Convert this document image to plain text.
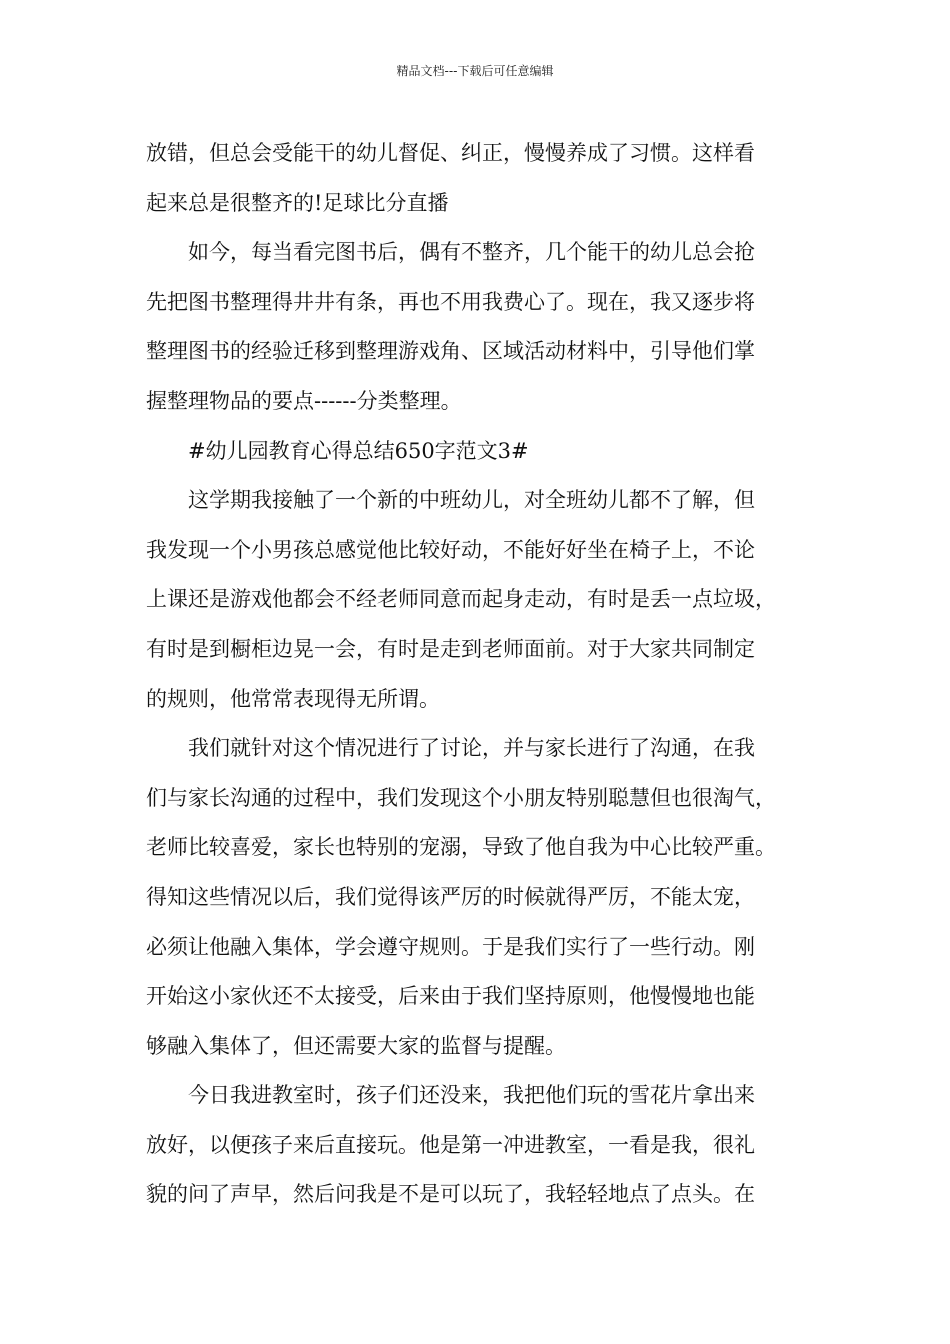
精品文档---下载后可任意编辑
放错，但总会受能干的幼儿督促、纠正，慢慢养成了习惯。这样看
起来总是很整齐的!足球比分直播
如今，每当看完图书后，偶有不整齐，几个能干的幼儿总会抢
先把图书整理得井井有条，再也不用我费心了。现在，我又逐步将
整理图书的经验迁移到整理游戏角、区域活动材料中，引导他们掌
握整理物品的要点------分类整理。
#幼儿园教育心得总结650字范文3#
这学期我接触了一个新的中班幼儿，对全班幼儿都不了解，但
我发现一个小男孩总感觉他比较好动，不能好好坐在椅子上，不论
上课还是游戏他都会不经老师同意而起身走动，有时是丢一点垃圾，
有时是到橱柜边晃一会，有时是走到老师面前。对于大家共同制定
的规则，他常常表现得无所谓。
我们就针对这个情况进行了讨论，并与家长进行了沟通，在我
们与家长沟通的过程中，我们发现这个小朋友特别聪慧但也很淘气，
老师比较喜爱，家长也特别的宠溺，导致了他自我为中心比较严重。
得知这些情况以后，我们觉得该严厉的时候就得严厉，不能太宠，
必须让他融入集体，学会遵守规则。于是我们实行了一些行动。刚
开始这小家伙还不太接受，后来由于我们坚持原则，他慢慢地也能
够融入集体了，但还需要大家的监督与提醒。
今日我进教室时，孩子们还没来，我把他们玩的雪花片拿出来
放好，以便孩子来后直接玩。他是第一冲进教室，一看是我，很礼
貌的问了声早，然后问我是不是可以玩了，我轻轻地点了点头。在
